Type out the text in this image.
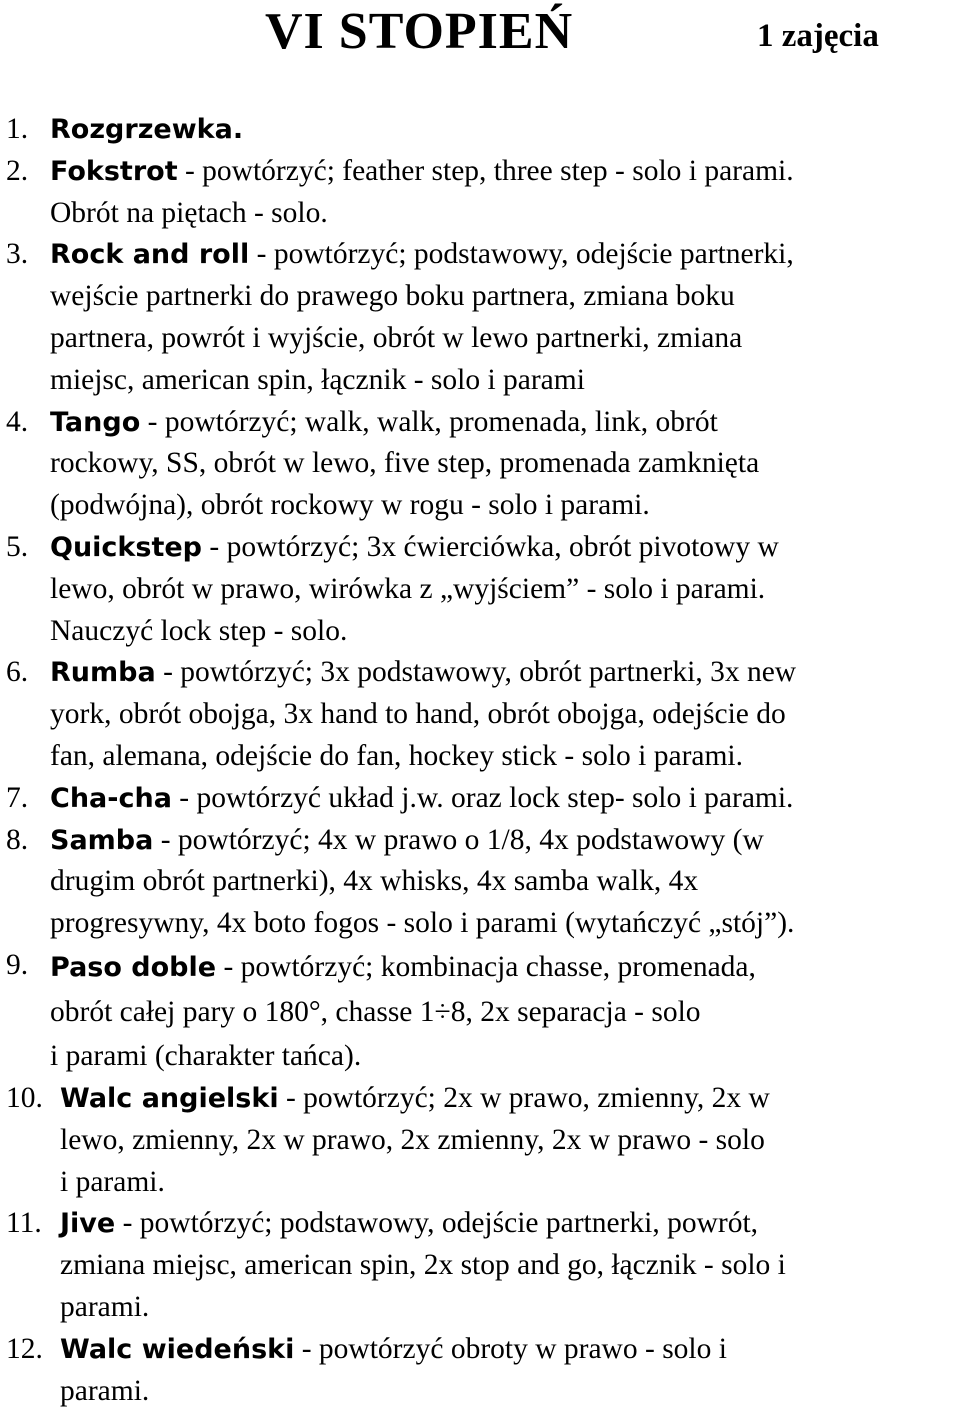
VI STOPIEŃ	1 zajęcia
1. Rozgrzewka.
2. Fokstrot - powtórzyć; feather step, three step - solo i parami.
Obrót na piętach - solo.
3. Rock and roll - powtórzyć; podstawowy, odejście partnerki,
wejście partnerki do prawego boku partnera, zmiana boku
partnera, powrót i wyjście, obrót w lewo partnerki, zmiana
miejsc, american spin, łącznik - solo i parami
4. Tango - powtórzyć; walk, walk, promenada, link, obrót
rockowy, SS, obrót w lewo, five step, promenada zamknięta
(podwójna), obrót rockowy w rogu - solo i parami.
5. Quickstep - powtórzyć; 3x ćwierciówka, obrót pivotowy w
lewo, obrót w prawo, wirówka z „wyjściem” - solo i parami.
Nauczyć lock step - solo.
6. Rumba - powtórzyć; 3x podstawowy, obrót partnerki, 3x new
york, obrót obojga, 3x hand to hand, obrót obojga, odejście do
fan, alemana, odejście do fan, hockey stick - solo i parami.
7. Cha-cha - powtórzyć układ j.w. oraz lock step- solo i parami.
8. Samba - powtórzyć; 4x w prawo o 1/8, 4x podstawowy (w
drugim obrót partnerki), 4x whisks, 4x samba walk, 4x
progresywny, 4x boto fogos - solo i parami (wytańczyć „stój”).
9. Paso doble - powtórzyć; kombinacja chasse, promenada,
obrót całej pary o 180°, chasse 1÷8, 2x separacja - solo
i parami (charakter tańca).
10. Walc angielski - powtórzyć; 2x w prawo, zmienny, 2x w
lewo, zmienny, 2x w prawo, 2x zmienny, 2x w prawo - solo
i parami.
11. Jive - powtórzyć; podstawowy, odejście partnerki, powrót,
zmiana miejsc, american spin, 2x stop and go, łącznik - solo i
parami.
12. Walc wiedeński - powtórzyć obroty w prawo - solo i
parami.
